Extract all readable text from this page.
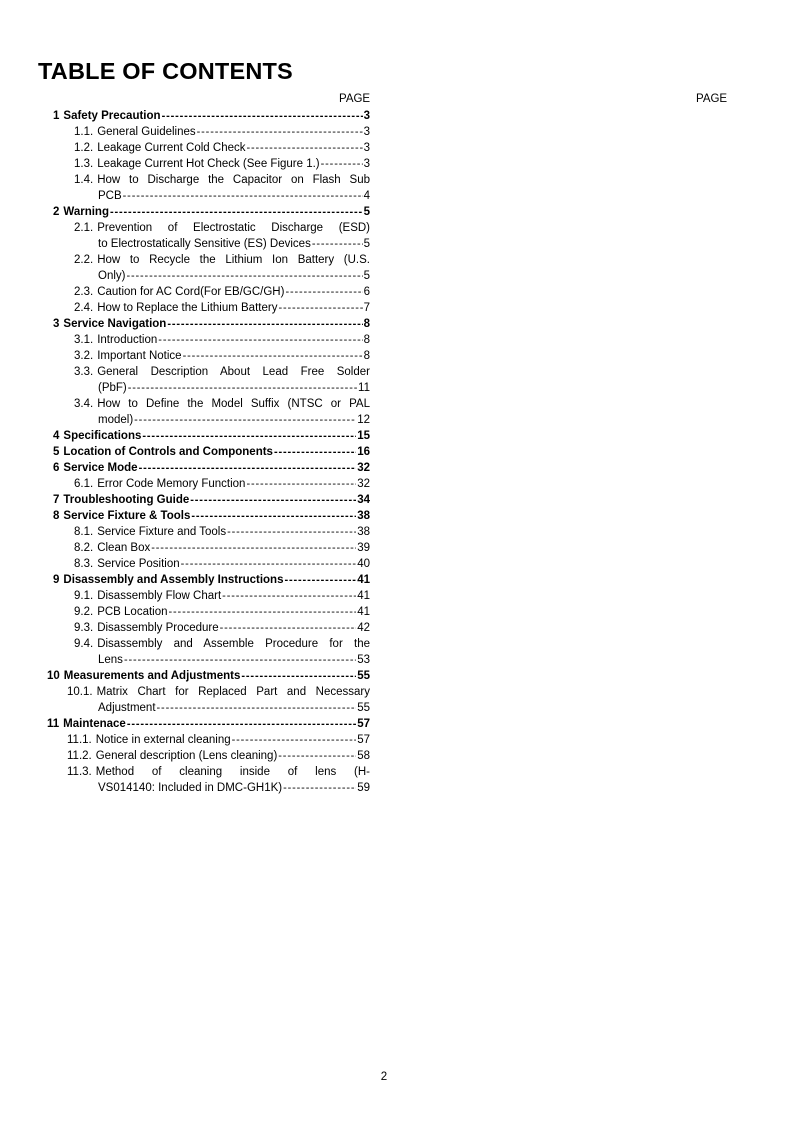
TABLE OF CONTENTS
PAGE	PAGE
1 Safety Precaution - - -	3
1.1. General Guidelines - - -	3
1.2. Leakage Current Cold Check - - -	3
1.3. Leakage Current Hot Check (See Figure 1.) - - -	3
1.4. How to Discharge the Capacitor on Flash Sub
PCB - - -	4
2 Warning - - -	5
2.1. Prevention of Electrostatic Discharge (ESD)
to Electrostatically Sensitive (ES) Devices - - -	5
2.2. How to Recycle the Lithium Ion Battery (U.S.
Only) - - -	5
2.3. Caution for AC Cord(For EB/GC/GH) - - -	6
2.4. How to Replace the Lithium Battery - - -	7
3 Service Navigation - - -	8
3.1. Introduction - - -	8
3.2. Important Notice - - -	8
3.3. General Description About Lead Free Solder
(PbF) - - -	11
3.4. How to Define the Model Suffix (NTSC or PAL
model) - - -	12
4 Specifications - - -	15
5 Location of Controls and Components - - -	16
6 Service Mode - - -	32
6.1. Error Code Memory Function - - -	32
7 Troubleshooting Guide - - -	34
8 Service Fixture & Tools - - -	38
8.1. Service Fixture and Tools - - -	38
8.2. Clean Box - - -	39
8.3. Service Position - - -	40
9 Disassembly and Assembly Instructions - - -	41
9.1. Disassembly Flow Chart - - -	41
9.2. PCB Location - - -	41
9.3. Disassembly Procedure - - -	42
9.4. Disassembly and Assemble Procedure for the
Lens - - -	53
10 Measurements and Adjustments - - -	55
10.1. Matrix Chart for Replaced Part and Necessary
Adjustment - - -	55
11 Maintenace - - -	57
11.1. Notice in external cleaning - - -	57
11.2. General description (Lens cleaning) - - -	58
11.3. Method of cleaning inside of lens (H-
VS014140: Included in DMC-GH1K) - - -	59
2
